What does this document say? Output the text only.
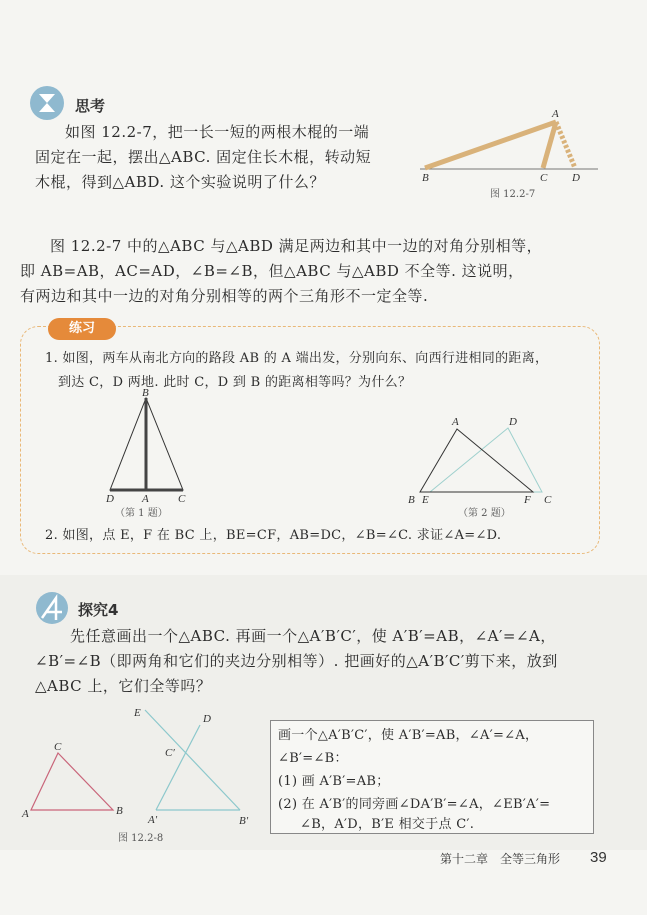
思考
如图 12.2-7，把一长一短的两根木棍的一端
固定在一起，摆出△ABC. 固定住长木棍，转动短
木棍，得到△ABD. 这个实验说明了什么？
A
B	C D
B
D	A	C
A	D
B E	F C
A	B
C
A′	B′
C′
D
E
图 12.2-7
图 12.2-7 中的△ABC 与△ABD 满足两边和其中一边的对角分别相等，
即 AB=AB，AC=AD，∠B=∠B，但△ABC 与△ABD 不全等. 这说明，
有两边和其中一边的对角分别相等的两个三角形不一定全等.
练习
1. 如图，两车从南北方向的路段 AB 的 A 端出发，分别向东、向西行进相同的距离，
到达 C，D 两地. 此时 C，D 到 B 的距离相等吗？为什么？
（第 1 题）	（第 2 题）
2. 如图，点 E，F 在 BC 上，BE=CF，AB=DC，∠B=∠C. 求证∠A=∠D.
探究4
先任意画出一个△ABC. 再画一个△A′B′C′，使 A′B′=AB，∠A′=∠A，
∠B′=∠B（即两角和它们的夹边分别相等）. 把画好的△A′B′C′剪下来，放到
△ABC 上，它们全等吗？
图 12.2-8
画一个△A′B′C′，使 A′B′=AB，∠A′=∠A，
∠B′=∠B：
(1) 画 A′B′=AB；
(2) 在 A′B′的同旁画∠DA′B′=∠A，∠EB′A′=
∠B，A′D，B′E 相交于点 C′.
第十二章　全等三角形 39
